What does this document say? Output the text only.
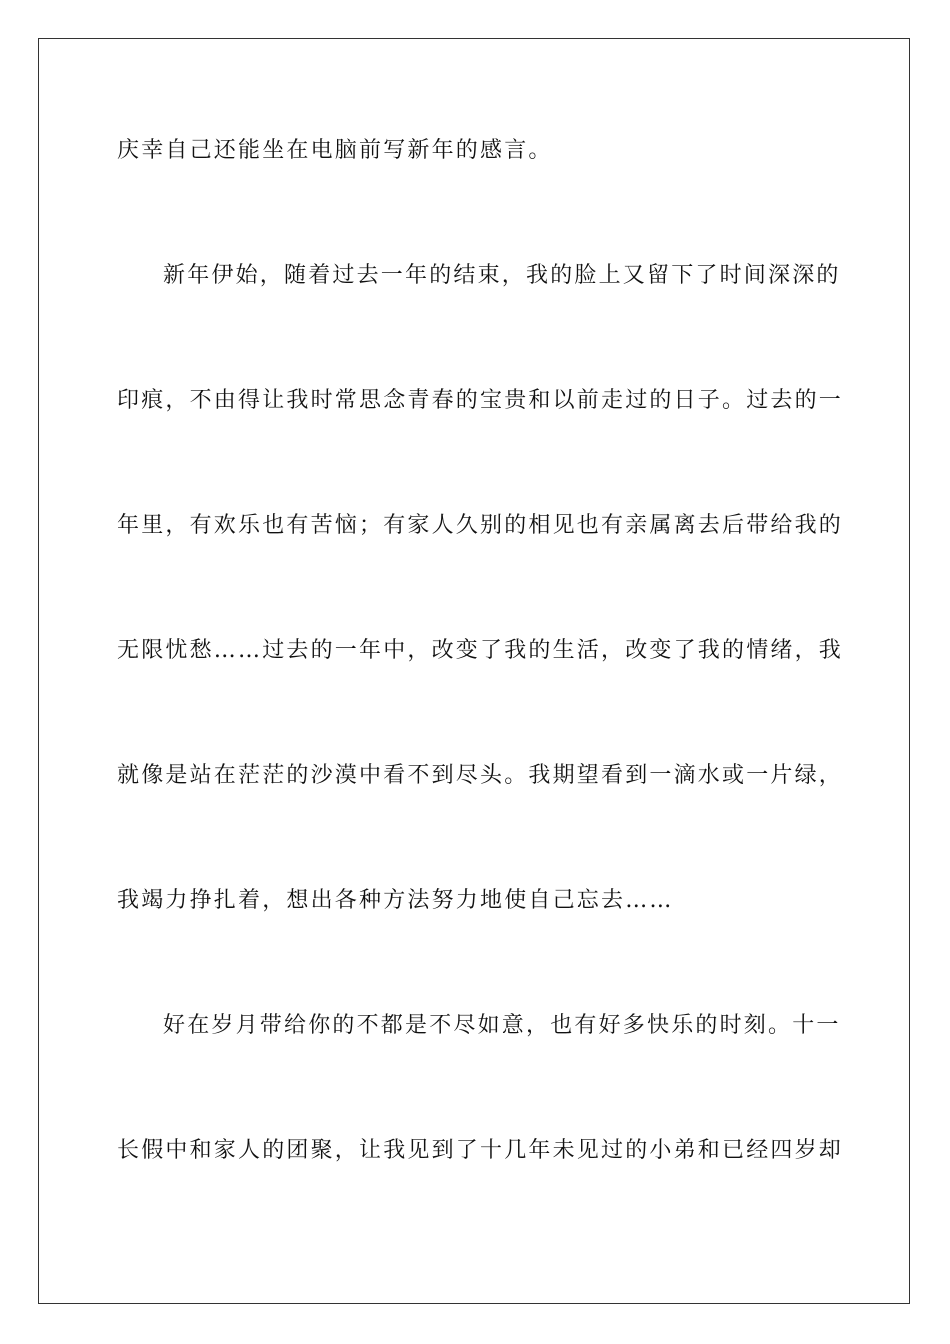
庆幸自己还能坐在电脑前写新年的感言。
新年伊始，随着过去一年的结束，我的脸上又留下了时间深深的
印痕，不由得让我时常思念青春的宝贵和以前走过的日子。过去的一
年里，有欢乐也有苦恼；有家人久别的相见也有亲属离去后带给我的
无限忧愁……过去的一年中，改变了我的生活，改变了我的情绪，我
就像是站在茫茫的沙漠中看不到尽头。我期望看到一滴水或一片绿，
我竭力挣扎着，想出各种方法努力地使自己忘去……
好在岁月带给你的不都是不尽如意，也有好多快乐的时刻。十一
长假中和家人的团聚，让我见到了十几年未见过的小弟和已经四岁却
